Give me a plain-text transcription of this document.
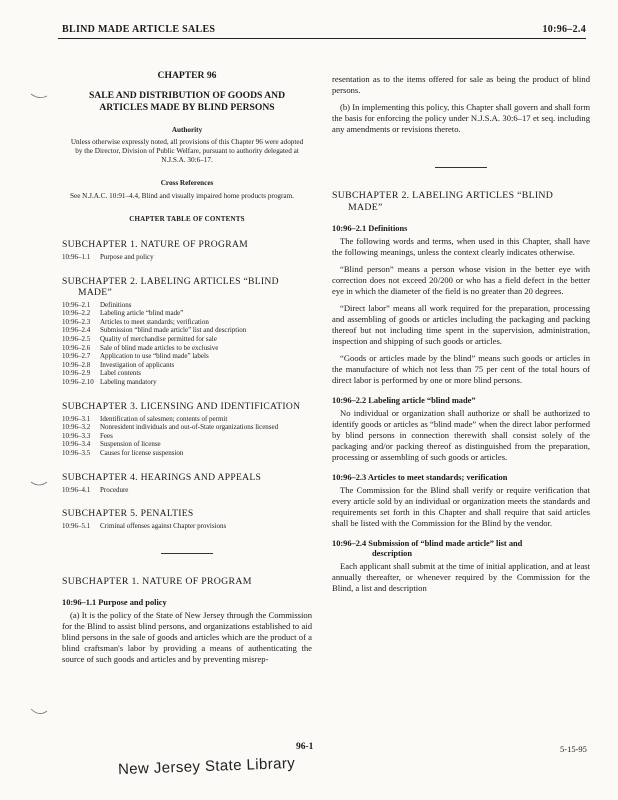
BLIND MADE ARTICLE SALES	10:96–2.4
CHAPTER 96
SALE AND DISTRIBUTION OF GOODS AND
ARTICLES MADE BY BLIND PERSONS
Authority
Unless otherwise expressly noted, all provisions of this Chapter 96 were adopted by the Director, Division of Public Welfare, pursuant to authority delegated at N.J.S.A. 30:6–17.
Cross References
See N.J.A.C. 10:91–4.4, Blind and visually impaired home products program.
CHAPTER TABLE OF CONTENTS
SUBCHAPTER 1. NATURE OF PROGRAM
10:96–1.1	Purpose and policy
SUBCHAPTER 2. LABELING ARTICLES “BLIND
MADE”
10:96–2.1	Definitions
10:96–2.2	Labeling article “blind made”
10:96–2.3	Articles to meet standards; verification
10:96–2.4	Submission “blind made article” list and description
10:96–2.5	Quality of merchandise permitted for sale
10:96–2.6	Sale of blind made articles to be exclusive
10:96–2.7	Application to use “blind made” labels
10:96–2.8	Investigation of applicants
10:96–2.9	Label contents
10:96–2.10 Labeling mandatory
SUBCHAPTER 3. LICENSING AND IDENTIFICATION
10:96–3.1	Identification of salesmen; contents of permit
10:96–3.2	Nonresident individuals and out-of-State organizations licensed
10:96–3.3	Fees
10:96–3.4	Suspension of license
10:96–3.5	Causes for license suspension
SUBCHAPTER 4. HEARINGS AND APPEALS
10:96–4.1	Procedure
SUBCHAPTER 5. PENALTIES
10:96–5.1	Criminal offenses against Chapter provisions
SUBCHAPTER 1. NATURE OF PROGRAM
10:96–1.1 Purpose and policy

(a) It is the policy of the State of New Jersey through the Commission for the Blind to assist blind persons, and organizations established to aid blind persons in the sale of goods and articles which are the product of a blind craftsman's labor by providing a means of authenticating the source of such goods and articles and by preventing misrep-

resentation as to the items offered for sale as being the product of blind persons.

(b) In implementing this policy, this Chapter shall govern and shall form the basis for enforcing the policy under N.J.S.A. 30:6–17 et seq. including any amendments or revisions thereto.

SUBCHAPTER 2. LABELING ARTICLES “BLIND
MADE”
10:96–2.1 Definitions

The following words and terms, when used in this Chapter, shall have the following meanings, unless the context clearly indicates otherwise.

“Blind person” means a person whose vision in the better eye with correction does not exceed 20/200 or who has a field defect in the better eye in which the diameter of the field is no greater than 20 degrees.

“Direct labor” means all work required for the preparation, processing and assembling of goods or articles including the packaging and packing thereof but not including time spent in the supervision, administration, inspection and shipping of such goods or articles.

“Goods or articles made by the blind” means such goods or articles in the manufacture of which not less than 75 per cent of the total hours of direct labor is performed by one or more blind persons.

10:96–2.2 Labeling article “blind made”

No individual or organization shall authorize or shall be authorized to identify goods or articles as “blind made” when the direct labor performed by blind persons in connection therewith shall consist solely of the packaging and/or packing thereof as distinguished from the preparation, processing or assembling of such goods or articles.

10:96–2.3 Articles to meet standards; verification

The Commission for the Blind shall verify or require verification that every article sold by an individual or organization meets the standards and requirements set forth in this Chapter and shall require that said articles shall be listed with the Commission for the Blind by the vendor.

10:96–2.4 Submission of “blind made article” list and
description

Each applicant shall submit at the time of initial application, and at least annually thereafter, or whenever required by the Commission for the Blind, a list and description

96-1	5-15-95
New Jersey State Library
